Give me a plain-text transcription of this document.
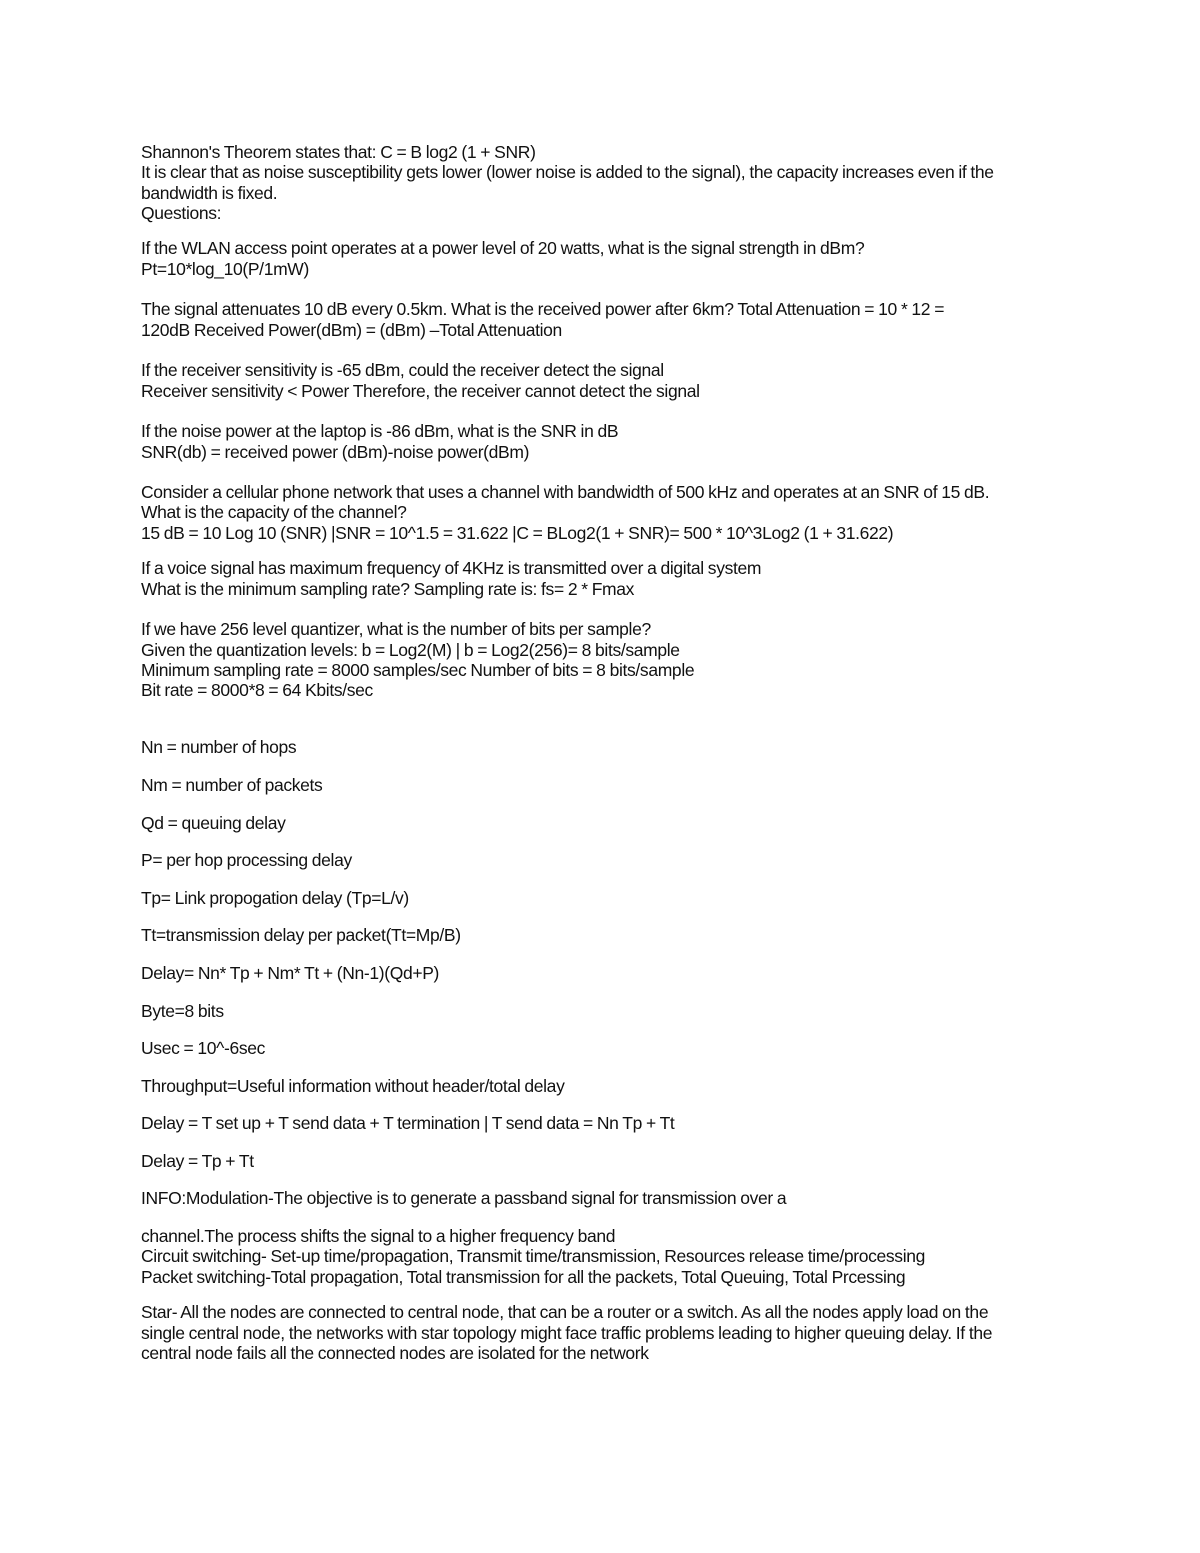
Shannon's Theorem states that: C = B log2 (1 + SNR)

It is clear that as noise susceptibility gets lower (lower noise is added to the signal), the capacity increases even if the

bandwidth is fixed.

Questions:

If the WLAN access point operates at a power level of 20 watts, what is the signal strength in dBm?

Pt=10*log_10(P/1mW)

The signal attenuates 10 dB every 0.5km. What is the received power after 6km? Total Attenuation = 10 * 12 =

120dB Received Power(dBm) = (dBm) –Total Attenuation

If the receiver sensitivity is -65 dBm, could the receiver detect the signal

Receiver sensitivity < Power Therefore, the receiver cannot detect the signal

If the noise power at the laptop is -86 dBm, what is the SNR in dB

SNR(db) = received power (dBm)-noise power(dBm)

Consider a cellular phone network that uses a channel with bandwidth of 500 kHz and operates at an SNR of 15 dB.

What is the capacity of the channel?

15 dB = 10 Log 10 (SNR) |SNR = 10^1.5 = 31.622 |C = BLog2(1 + SNR)= 500 * 10^3Log2 (1 + 31.622)

If a voice signal has maximum frequency of 4KHz is transmitted over a digital system

What is the minimum sampling rate? Sampling rate is: fs= 2 * Fmax

If we have 256 level quantizer, what is the number of bits per sample?

Given the quantization levels: b = Log2(M) | b = Log2(256)= 8 bits/sample

Minimum sampling rate = 8000 samples/sec Number of bits = 8 bits/sample

Bit rate = 8000*8 = 64 Kbits/sec

Nn = number of hops

Nm = number of packets

Qd = queuing delay

P= per hop processing delay

Tp= Link propogation delay (Tp=L/v)

Tt=transmission delay per packet(Tt=Mp/B)

Delay= Nn* Tp + Nm* Tt + (Nn-1)(Qd+P)

Byte=8 bits

Usec = 10^-6sec

Throughput=Useful information without header/total delay

Delay = T set up + T send data + T termination | T send data = Nn Tp + Tt

Delay = Tp + Tt

INFO:Modulation-The objective is to generate a passband signal for transmission over a

channel.The process shifts the signal to a higher frequency band

Circuit switching- Set-up time/propagation, Transmit time/transmission, Resources release time/processing

Packet switching-Total propagation, Total transmission for all the packets, Total Queuing, Total Prcessing

Star- All the nodes are connected to central node, that can be a router or a switch. As all the nodes apply load on the

single central node, the networks with star topology might face traffic problems leading to higher queuing delay. If the

central node fails all the connected nodes are isolated for the network
